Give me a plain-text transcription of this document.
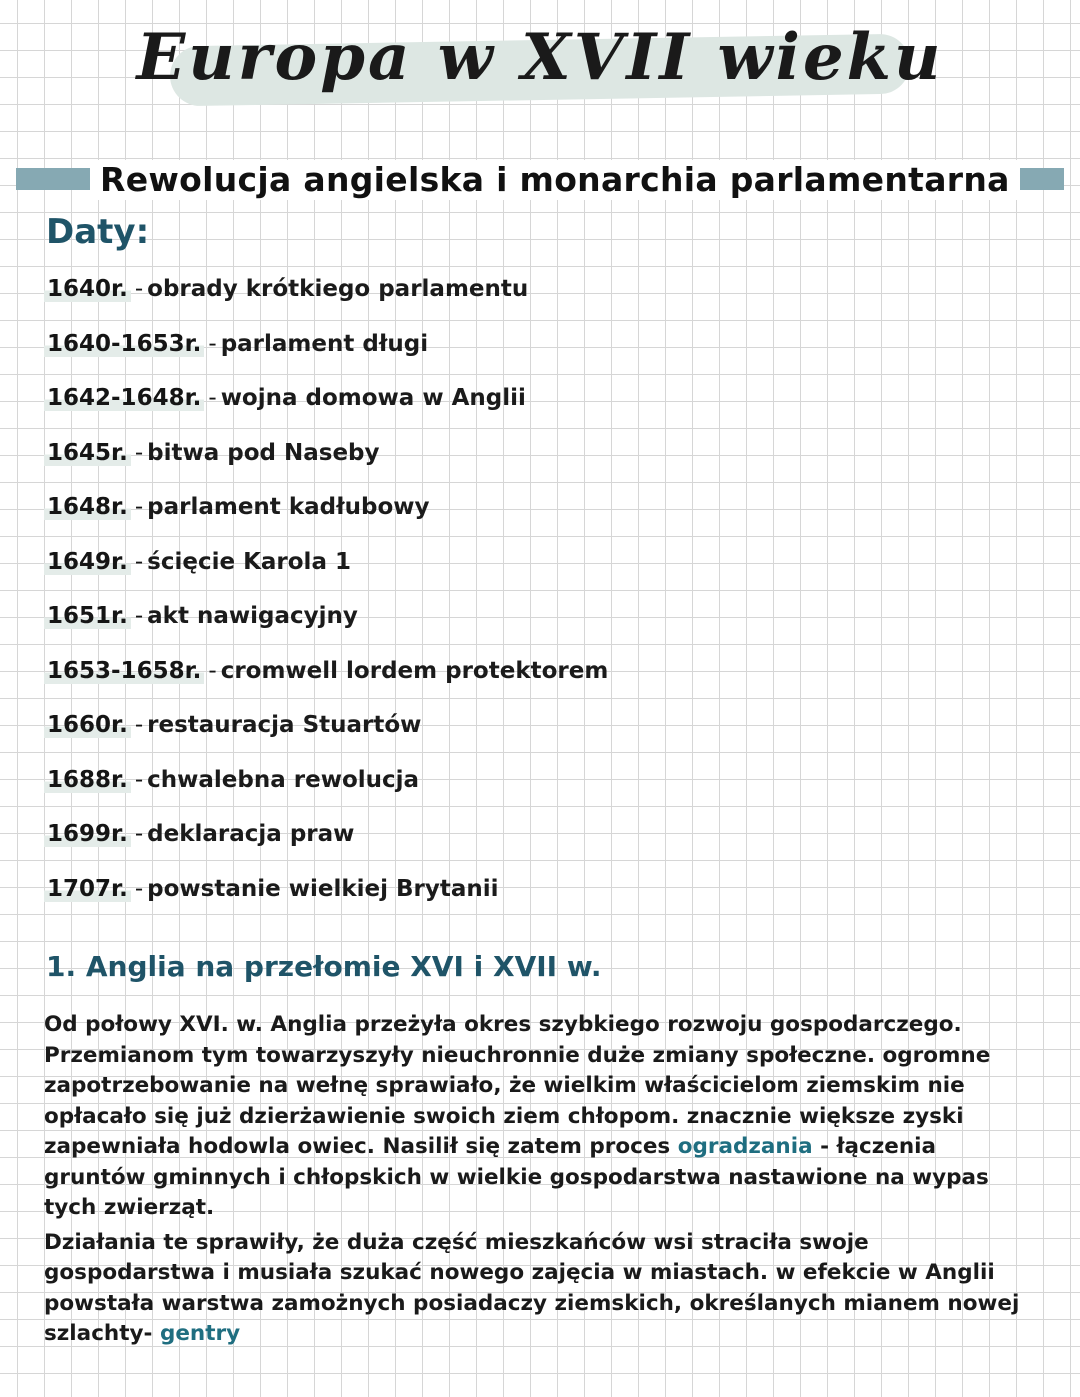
Europa w XVII wieku
Rewolucja angielska i monarchia parlamentarna
Daty:
1640r. - obrady krótkiego parlamentu
1640-1653r. - parlament długi
1642-1648r. - wojna domowa w Anglii
1645r. - bitwa pod Naseby
1648r. - parlament kadłubowy
1649r. - ścięcie Karola 1
1651r. - akt nawigacyjny
1653-1658r. - cromwell lordem protektorem
1660r. - restauracja Stuartów
1688r. - chwalebna rewolucja
1699r. - deklaracja praw
1707r. - powstanie wielkiej Brytanii
1. Anglia na przełomie XVI i XVII w.

Od połowy XVI. w. Anglia przeżyła okres szybkiego rozwoju gospodarczego. Przemianom tym towarzyszyły nieuchronnie duże zmiany społeczne. ogromne zapotrzebowanie na wełnę sprawiało, że wielkim właścicielom ziemskim nie opłacało się już dzierżawienie swoich ziem chłopom. znacznie większe zyski zapewniała hodowla owiec. Nasilił się zatem proces ogradzania - łączenia gruntów gminnych i chłopskich w wielkie gospodarstwa nastawione na wypas tych zwierząt.

Działania te sprawiły, że duża część mieszkańców wsi straciła swoje gospodarstwa i musiała szukać nowego zajęcia w miastach. w efekcie w Anglii powstała warstwa zamożnych posiadaczy ziemskich, określanych mianem nowej szlachty- gentry
